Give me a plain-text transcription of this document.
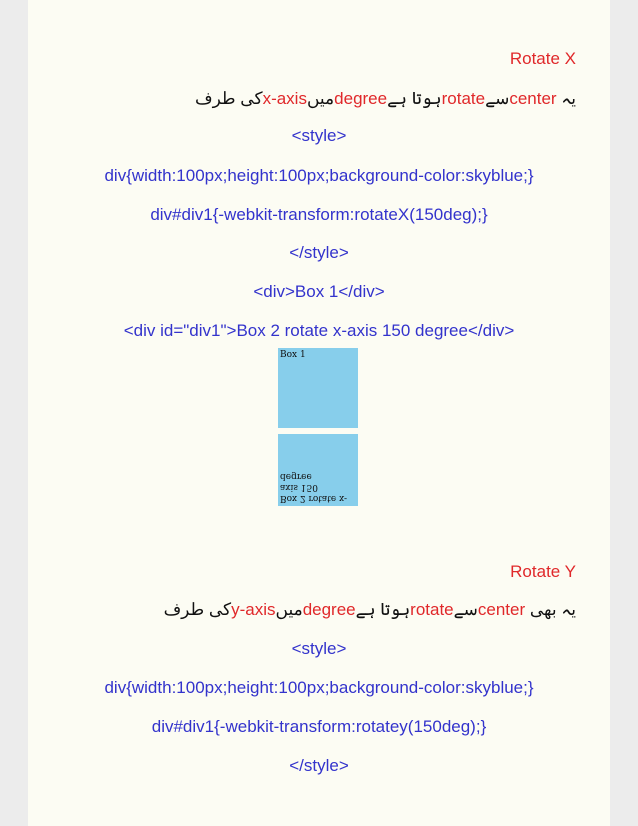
Rotate X
یہ centerسےrotateہوتا ہےdegreeمیںx-axisکی طرف
<style>
div{width:100px;height:100px;background-color:skyblue;}
div#div1{-webkit-transform:rotateX(150deg);}
</style>
<div>Box 1</div>
<div id="div1">Box 2 rotate x-axis 150 degree</div>
Box 1
Box 2 rotate x-
axis 150
degree
Rotate Y
یہ بھی centerسےrotateہوتا ہےdegreeمیںy-axisکی طرف
<style>
div{width:100px;height:100px;background-color:skyblue;}
div#div1{-webkit-transform:rotatey(150deg);}
</style>
